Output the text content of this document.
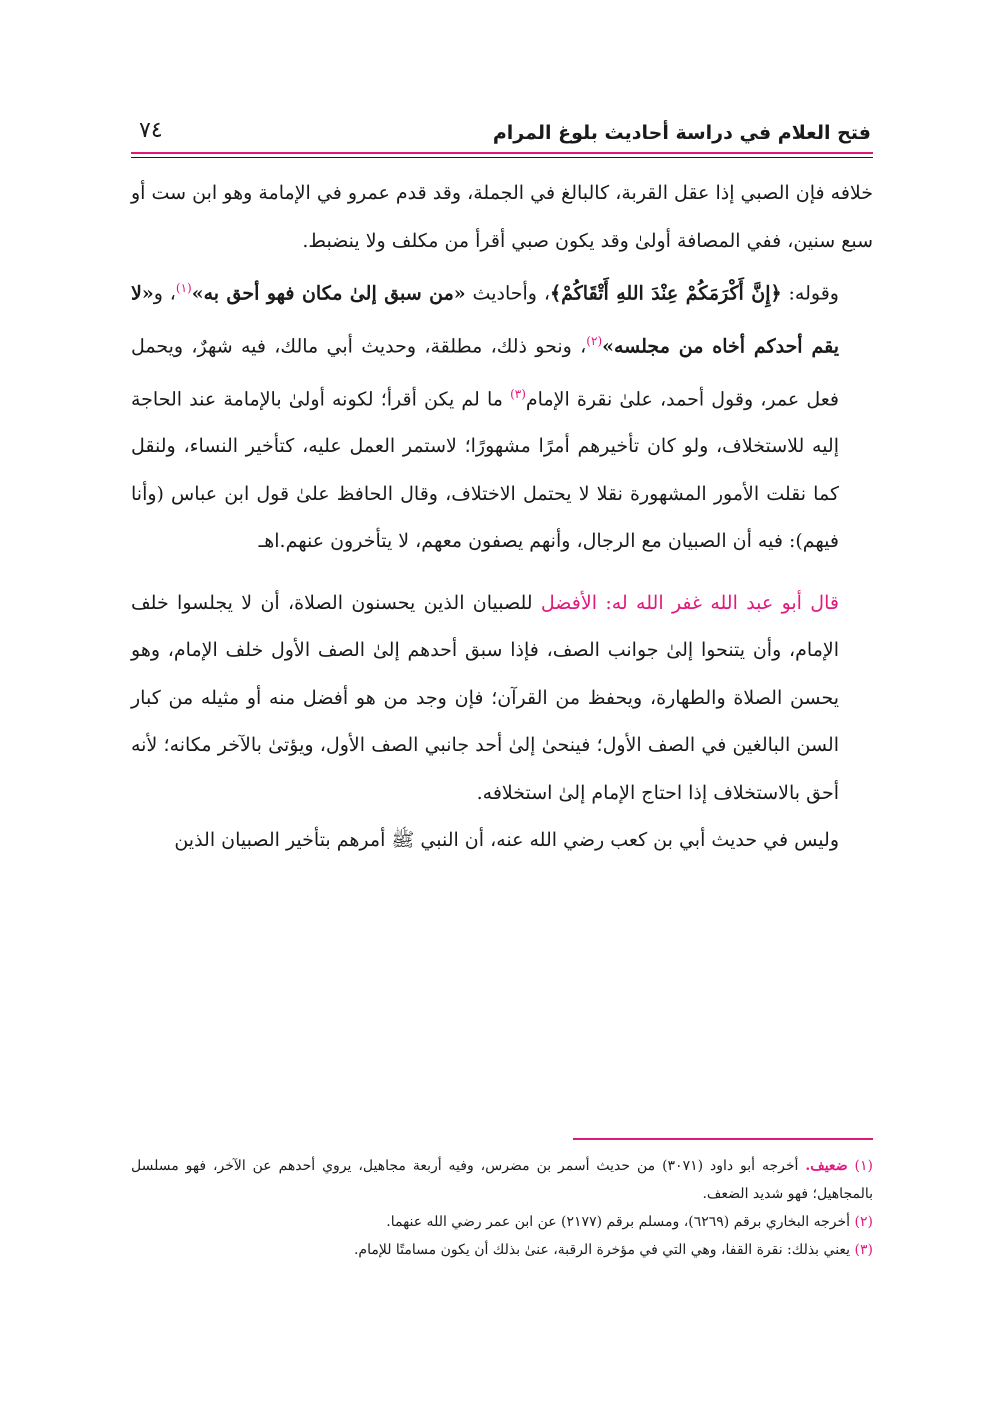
فتح العلام في دراسة أحاديث بلوغ المرام
٧٤

خلافه فإن الصبي إذا عقل القربة، كالبالغ في الجملة، وقد قدم عمرو في الإمامة وهو ابن ست أو سبع سنين، ففي المصافة أولىٰ وقد يكون صبي أقرأ من مكلف ولا ينضبط.

وقوله: ﴿إِنَّ أَكْرَمَكُمْ عِنْدَ اللهِ أَتْقَاكُمْ﴾، وأحاديث «من سبق إلىٰ مكان فهو أحق به»$^{(١)}$، و«لا يقم أحدكم أخاه من مجلسه»$^{(٢)}$، ونحو ذلك، مطلقة، وحديث أبي مالك، فيه شهرٌ، ويحمل فعل عمر، وقول أحمد، علىٰ نقرة الإمام$^{(٣)}$ ما لم يكن أقرأ؛ لكونه أولىٰ بالإمامة عند الحاجة إليه للاستخلاف، ولو كان تأخيرهم أمرًا مشهورًا؛ لاستمر العمل عليه، كتأخير النساء، ولنقل كما نقلت الأمور المشهورة نقلا لا يحتمل الاختلاف، وقال الحافظ علىٰ قول ابن عباس (وأنا فيهم): فيه أن الصبيان مع الرجال، وأنهم يصفون معهم، لا يتأخرون عنهم.اهـ

قال أبو عبد الله غفر الله له: الأفضل للصبيان الذين يحسنون الصلاة، أن لا يجلسوا خلف الإمام، وأن يتنحوا إلىٰ جوانب الصف، فإذا سبق أحدهم إلىٰ الصف الأول خلف الإمام، وهو يحسن الصلاة والطهارة، ويحفظ من القرآن؛ فإن وجد من هو أفضل منه أو مثيله من كبار السن البالغين في الصف الأول؛ فينحىٰ إلىٰ أحد جانبي الصف الأول، ويؤتىٰ بالآخر مكانه؛ لأنه أحق بالاستخلاف إذا احتاج الإمام إلىٰ استخلافه.

وليس في حديث أبي بن كعب رضي الله عنه، أن النبي ﷺ أمرهم بتأخير الصبيان الذين

(١) ضعيف. أخرجه أبو داود (٣٠٧١) من حديث أسمر بن مضرس، وفيه أربعة مجاهيل، يروي أحدهم عن الآخر، فهو مسلسل بالمجاهيل؛ فهو شديد الضعف.

(٢) أخرجه البخاري برقم (٦٢٦٩)، ومسلم برقم (٢١٧٧) عن ابن عمر رضي الله عنهما.

(٣) يعني بذلك: نقرة القفا، وهي التي في مؤخرة الرقبة، عنىٰ بذلك أن يكون مسامتًا للإمام.
